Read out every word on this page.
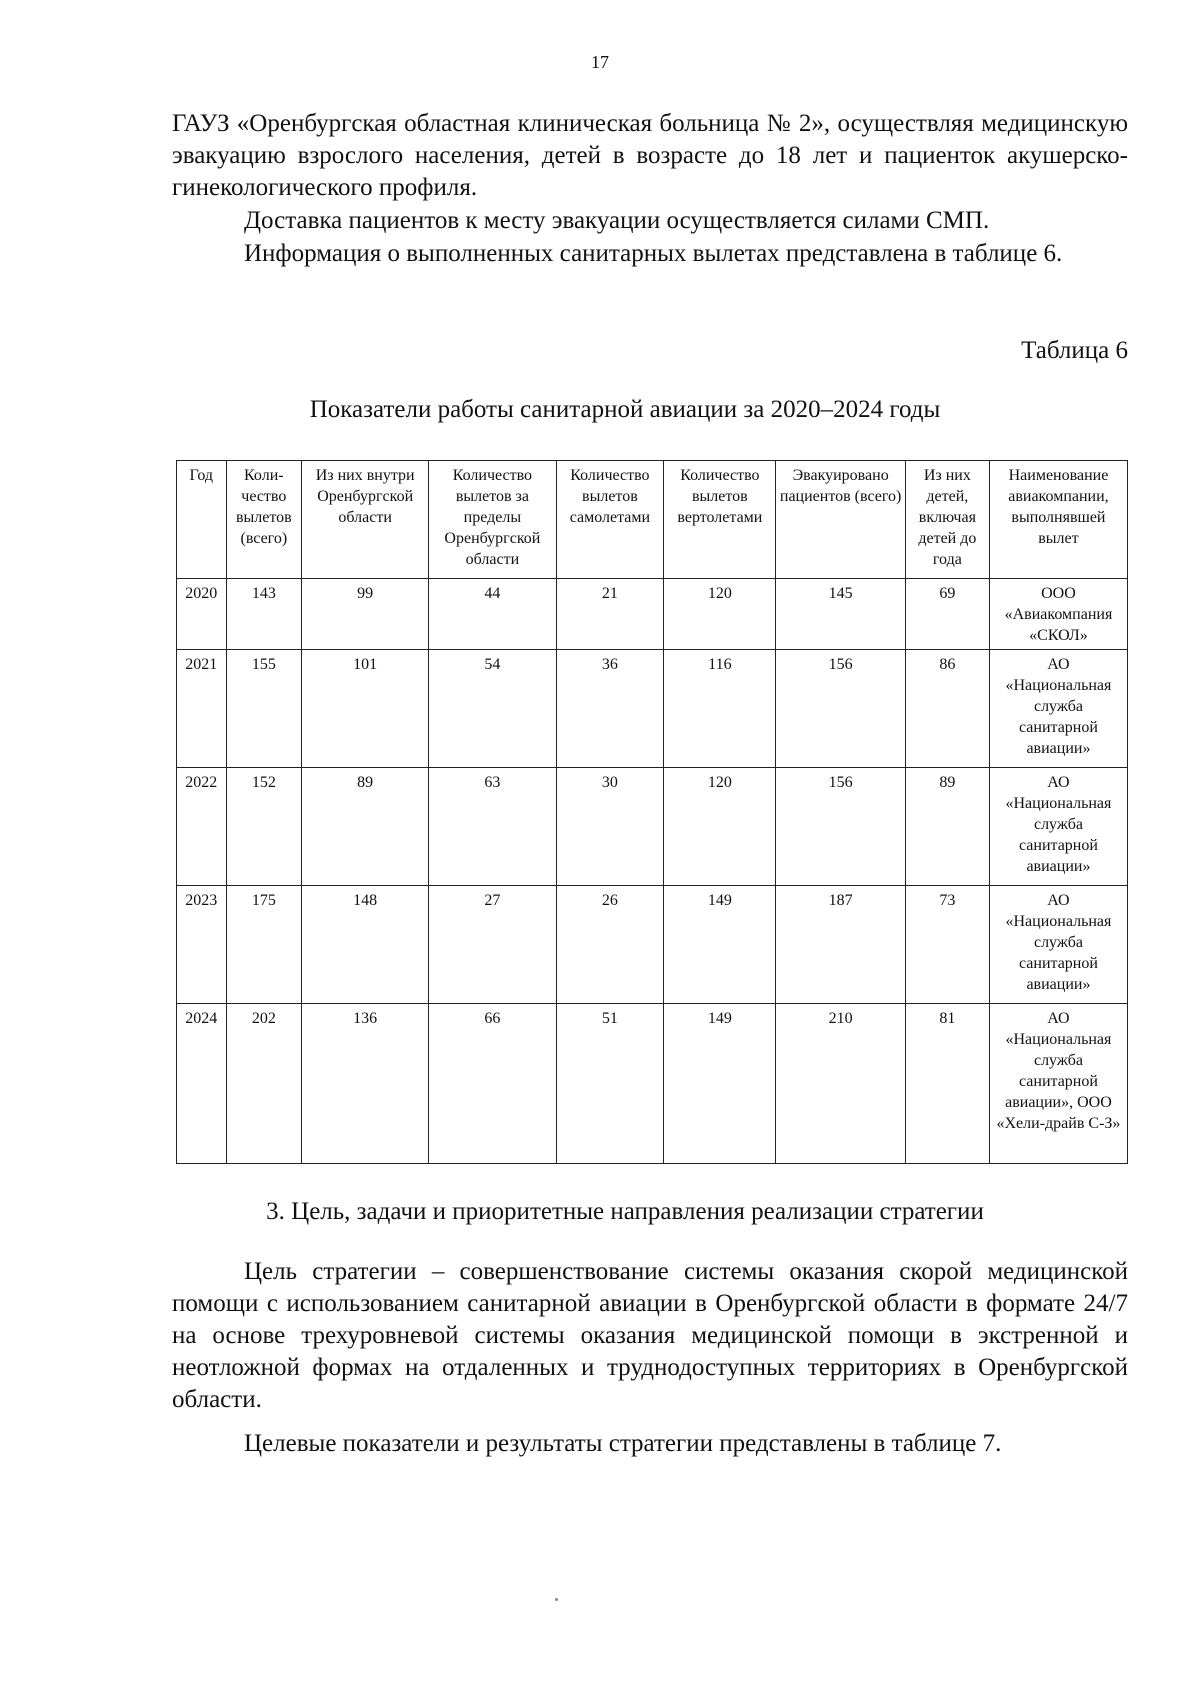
17
ГАУЗ «Оренбургская областная клиническая больница № 2», осуществляя медицинскую эвакуацию взрослого населения, детей в возрасте до 18 лет и пациенток акушерско-гинекологического профиля.
Доставка пациентов к месту эвакуации осуществляется силами СМП.
Информация о выполненных санитарных вылетах представлена в таблице 6.
Таблица 6
Показатели работы санитарной авиации за 2020–2024 годы
Год	Коли-чество вылетов (всего)	Из них внутри Оренбургской области	Количество вылетов за пределы Оренбургской области	Количество вылетов самолетами	Количество вылетов вертолетами	Эвакуировано пациентов (всего)	Из них детей, включая детей до года	Наименование авиакомпании, выполнявшей вылет
2020	143	99	44	21	120	145	69	ООО «Авиакомпания «СКОЛ»
2021	155	101	54	36	116	156	86	АО «Национальная служба санитарной авиации»
2022	152	89	63	30	120	156	89	АО «Национальная служба санитарной авиации»
2023	175	148	27	26	149	187	73	АО «Национальная служба санитарной авиации»
2024	202	136	66	51	149	210	81	АО «Национальная служба санитарной авиации», ООО «Хели-драйв С-З»
3. Цель, задачи и приоритетные направления реализации стратегии
Цель стратегии – совершенствование системы оказания скорой медицинской помощи с использованием санитарной авиации в Оренбургской области в формате 24/7 на основе трехуровневой системы оказания медицинской помощи в экстренной и неотложной формах на отдаленных и труднодоступных территориях в Оренбургской области.
Целевые показатели и результаты стратегии представлены в таблице 7.
